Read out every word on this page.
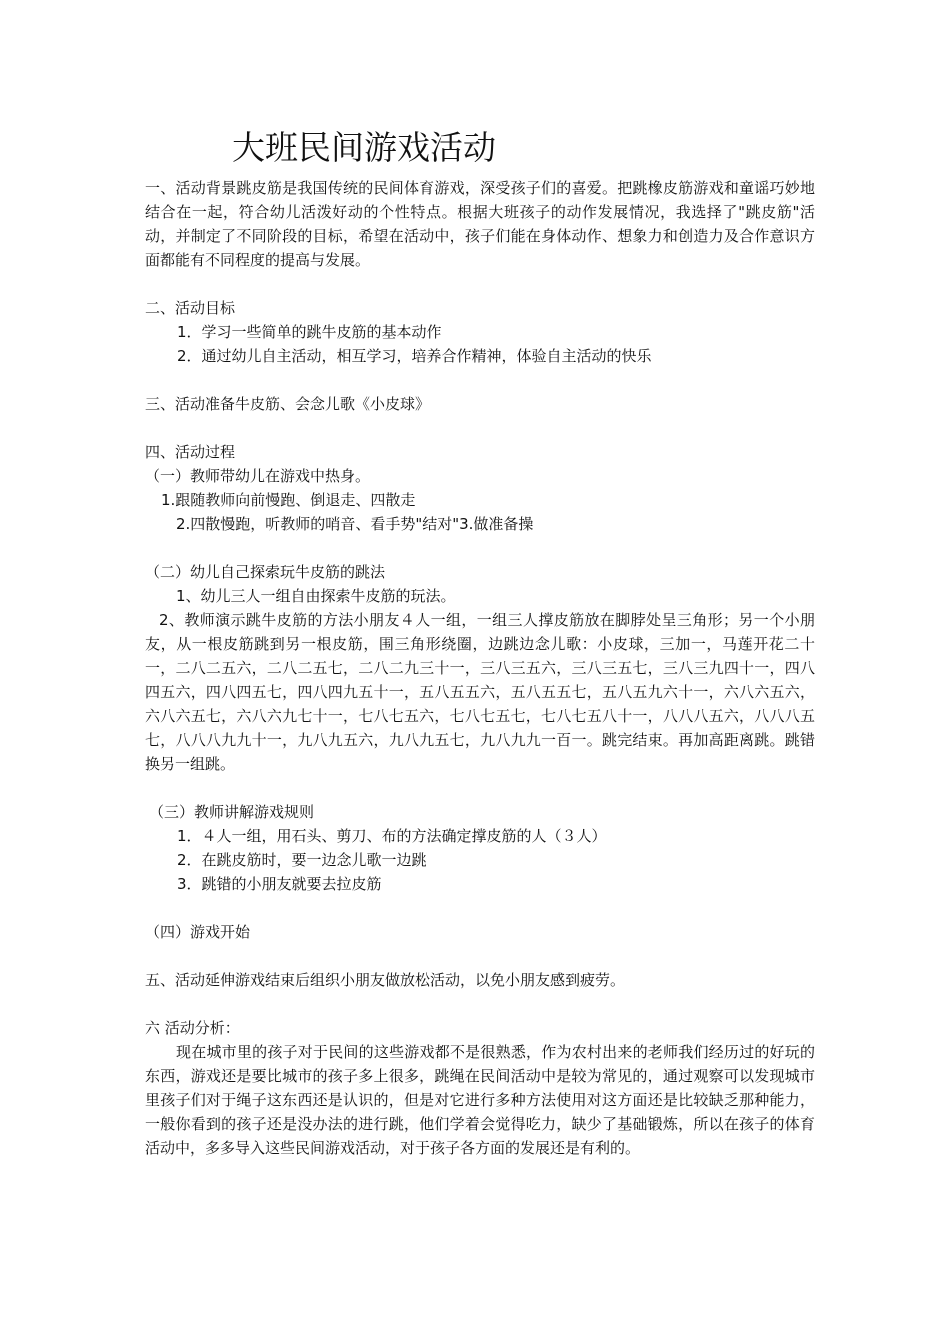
大班民间游戏活动

一、活动背景跳皮筋是我国传统的民间体育游戏，深受孩子们的喜爱。把跳橡皮筋游戏和童谣巧妙地结合在一起，符合幼儿活泼好动的个性特点。根据大班孩子的动作发展情况，我选择了"跳皮筋"活动，并制定了不同阶段的目标，希望在活动中，孩子们能在身体动作、想象力和创造力及合作意识方面都能有不同程度的提高与发展。

二、活动目标

1．学习一些简单的跳牛皮筋的基本动作

2．通过幼儿自主活动，相互学习，培养合作精神，体验自主活动的快乐

三、活动准备牛皮筋、会念儿歌《小皮球》

四、活动过程

（一）教师带幼儿在游戏中热身。

1.跟随教师向前慢跑、倒退走、四散走

2.四散慢跑，听教师的哨音、看手势"结对"3.做准备操

（二）幼儿自己探索玩牛皮筋的跳法

1、幼儿三人一组自由探索牛皮筋的玩法。

2、教师演示跳牛皮筋的方法小朋友４人一组，一组三人撑皮筋放在脚脖处呈三角形；另一个小朋友，从一根皮筋跳到另一根皮筋，围三角形绕圈，边跳边念儿歌：小皮球，三加一，马莲开花二十一，二八二五六，二八二五七，二八二九三十一，三八三五六，三八三五七，三八三九四十一，四八四五六，四八四五七，四八四九五十一，五八五五六，五八五五七，五八五九六十一，六八六五六，六八六五七，六八六九七十一，七八七五六，七八七五七，七八七五八十一，八八八五六，八八八五七，八八八九九十一，九八九五六，九八九五七，九八九九一百一。跳完结束。再加高距离跳。跳错换另一组跳。

（三）教师讲解游戏规则

1．４人一组，用石头、剪刀、布的方法确定撑皮筋的人（３人）

2．在跳皮筋时，要一边念儿歌一边跳

3．跳错的小朋友就要去拉皮筋

（四）游戏开始

五、活动延伸游戏结束后组织小朋友做放松活动，以免小朋友感到疲劳。

六 活动分析：

现在城市里的孩子对于民间的这些游戏都不是很熟悉，作为农村出来的老师我们经历过的好玩的东西，游戏还是要比城市的孩子多上很多，跳绳在民间活动中是较为常见的，通过观察可以发现城市里孩子们对于绳子这东西还是认识的，但是对它进行多种方法使用对这方面还是比较缺乏那种能力，一般你看到的孩子还是没办法的进行跳，他们学着会觉得吃力，缺少了基础锻炼，所以在孩子的体育活动中，多多导入这些民间游戏活动，对于孩子各方面的发展还是有利的。
